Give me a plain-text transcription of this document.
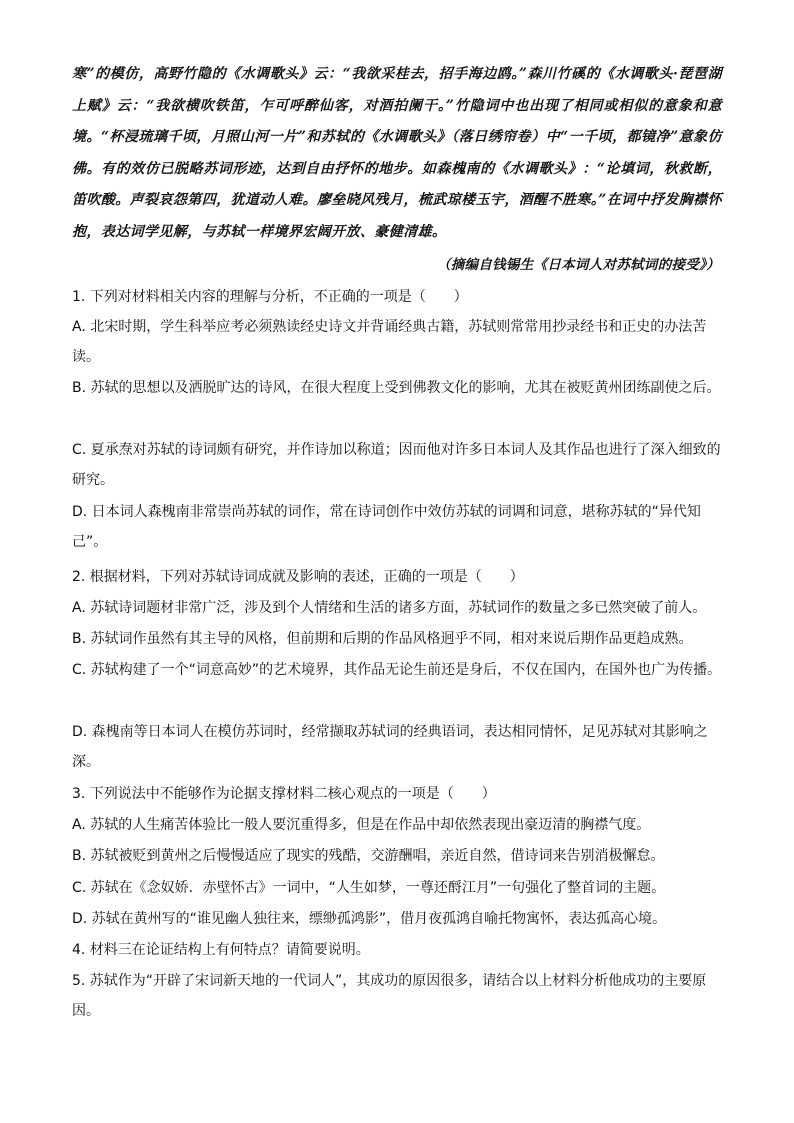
寒”的模仿，高野竹隐的《水调歌头》云：“我欲采桂去，招手海边鸥。”森川竹磎的《水调歌头·琵琶湖上赋》云：“我欲横吹铁笛，乍可呼醉仙客，对酒拍阑干。”竹隐词中也出现了相同或相似的意象和意境。“杯浸琉璃千顷，月照山河一片”和苏轼的《水调歌头》（落日绣帘卷）中“一千顷，都镜净”意象仿佛。有的效仿已脱略苏词形迹，达到自由抒怀的地步。如森槐南的《水调歌头》：“论填词，秋救断，笛吹酸。声裂哀怨第四，犹道动人难。廖垒晓风残月，梳武琼楼玉宇，酒醒不胜寒。”在词中抒发胸襟怀抱，表达词学见解，与苏轼一样境界宏阔开放、豪健清雄。

（摘编自钱锡生《日本词人对苏轼词的接受》）

1. 下列对材料相关内容的理解与分析，不正确的一项是（　　）

A. 北宋时期，学生科举应考必须熟读经史诗文并背诵经典古籍，苏轼则常常用抄录经书和正史的办法苦读。

B. 苏轼的思想以及洒脱旷达的诗风，在很大程度上受到佛教文化的影响，尤其在被贬黄州团练副使之后。

C. 夏承焘对苏轼的诗词颇有研究，并作诗加以称道；因而他对许多日本词人及其作品也进行了深入细致的研究。

D. 日本词人森槐南非常崇尚苏轼的词作，常在诗词创作中效仿苏轼的词调和词意，堪称苏轼的“异代知己”。

2. 根据材料，下列对苏轼诗词成就及影响的表述，正确的一项是（　　）

A. 苏轼诗词题材非常广泛，涉及到个人情绪和生活的诸多方面，苏轼词作的数量之多已然突破了前人。

B. 苏轼词作虽然有其主导的风格，但前期和后期的作品风格迥乎不同，相对来说后期作品更趋成熟。

C. 苏轼构建了一个“词意高妙”的艺术境界，其作品无论生前还是身后，不仅在国内，在国外也广为传播。

D. 森槐南等日本词人在模仿苏词时，经常撷取苏轼词的经典语词，表达相同情怀，足见苏轼对其影响之深。

3. 下列说法中不能够作为论据支撑材料二核心观点的一项是（　　）

A. 苏轼的人生痛苦体验比一般人要沉重得多，但是在作品中却依然表现出豪迈清的胸襟气度。

B. 苏轼被贬到黄州之后慢慢适应了现实的残酷，交游酬唱，亲近自然，借诗词来告别消极懈怠。

C. 苏轼在《念奴娇．赤壁怀古》一词中，“人生如梦，一尊还酹江月”一句强化了整首词的主题。

D. 苏轼在黄州写的“谁见幽人独往来，缥缈孤鸿影”，借月夜孤鸿自喻托物寓怀，表达孤高心境。

4. 材料三在论证结构上有何特点？请简要说明。

5. 苏轼作为“开辟了宋词新天地的一代词人”，其成功的原因很多，请结合以上材料分析他成功的主要原因。
